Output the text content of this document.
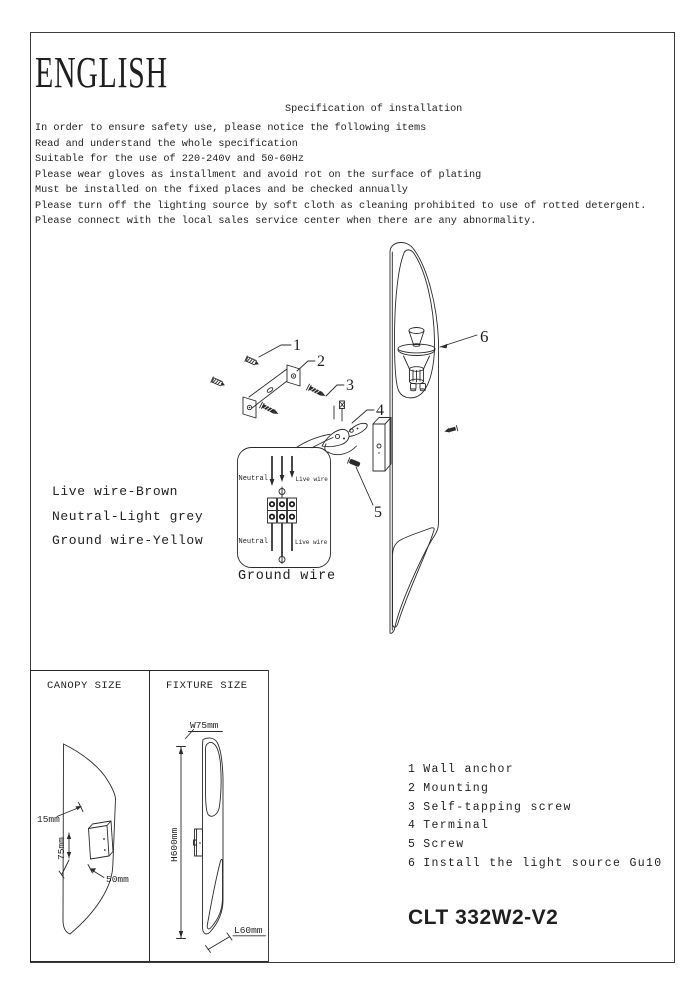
ENGLISH
Specification of installation
In order to ensure safety use, please notice the following items
Read and understand the whole specification
Suitable for the use of 220-240v and 50-60Hz
Please wear gloves as installment and avoid rot on the surface of plating
Must be installed on the fixed places and be checked annually
Please turn off the lighting source by soft cloth as cleaning prohibited to use of rotted detergent.
Please connect with the local sales service center when there are any abnormality.
1
2
3
4
5
6
Neutral	Live wire
Neutral	Live wire
15mm
75mm
50mm
W75mm
H600mm
L60mm
Live wire-Brown
Neutral-Light grey
Ground wire-Yellow
Ground wire
CANOPY SIZE	FIXTURE SIZE
1 Wall anchor
2 Mounting
3 Self-tapping screw
4 Terminal
5 Screw
6 Install the light source Gu10
CLT 332W2-V2
